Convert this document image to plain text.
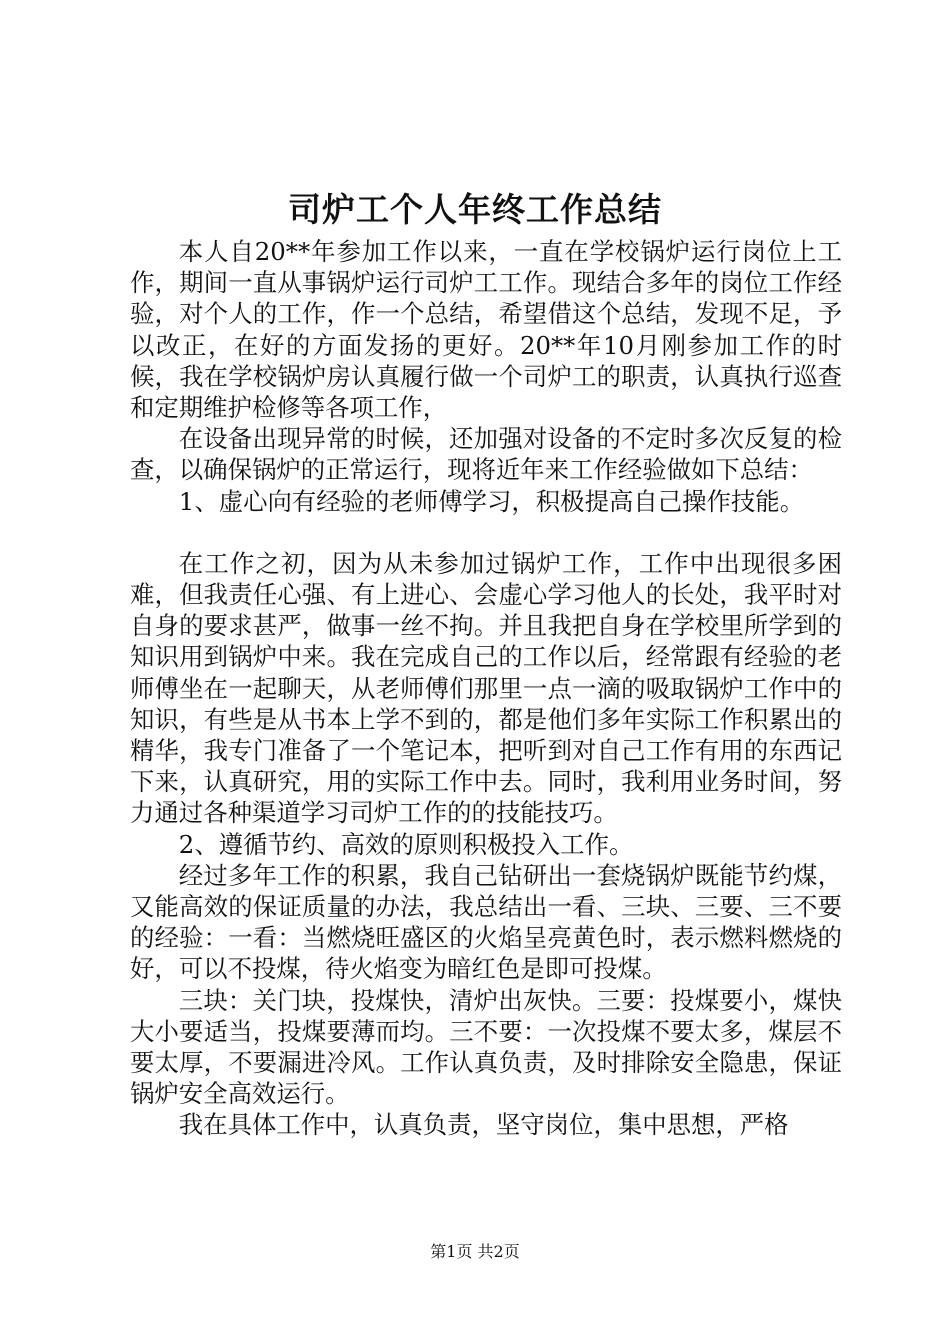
司炉工个人年终工作总结

本人自20**年参加工作以来，一直在学校锅炉运行岗位上工作，期间一直从事锅炉运行司炉工工作。现结合多年的岗位工作经验，对个人的工作，作一个总结，希望借这个总结，发现不足，予以改正，在好的方面发扬的更好。20**年10月刚参加工作的时候，我在学校锅炉房认真履行做一个司炉工的职责，认真执行巡查和定期维护检修等各项工作，

在设备出现异常的时候，还加强对设备的不定时多次反复的检查，以确保锅炉的正常运行，现将近年来工作经验做如下总结：

1、虚心向有经验的老师傅学习，积极提高自己操作技能。

在工作之初，因为从未参加过锅炉工作，工作中出现很多困难，但我责任心强、有上进心、会虚心学习他人的长处，我平时对自身的要求甚严，做事一丝不拘。并且我把自身在学校里所学到的知识用到锅炉中来。我在完成自己的工作以后，经常跟有经验的老师傅坐在一起聊天，从老师傅们那里一点一滴的吸取锅炉工作中的知识，有些是从书本上学不到的，都是他们多年实际工作积累出的精华，我专门准备了一个笔记本，把听到对自己工作有用的东西记下来，认真研究，用的实际工作中去。同时，我利用业务时间，努力通过各种渠道学习司炉工作的的技能技巧。

2、遵循节约、高效的原则积极投入工作。

经过多年工作的积累，我自己钻研出一套烧锅炉既能节约煤，又能高效的保证质量的办法，我总结出一看、三块、三要、三不要的经验：一看：当燃烧旺盛区的火焰呈亮黄色时，表示燃料燃烧的好，可以不投煤，待火焰变为暗红色是即可投煤。

三块：关门块，投煤快，清炉出灰快。三要：投煤要小，煤快大小要适当，投煤要薄而均。三不要：一次投煤不要太多，煤层不要太厚，不要漏进冷风。工作认真负责，及时排除安全隐患，保证锅炉安全高效运行。

我在具体工作中，认真负责，坚守岗位，集中思想，严格

第1页 共2页
